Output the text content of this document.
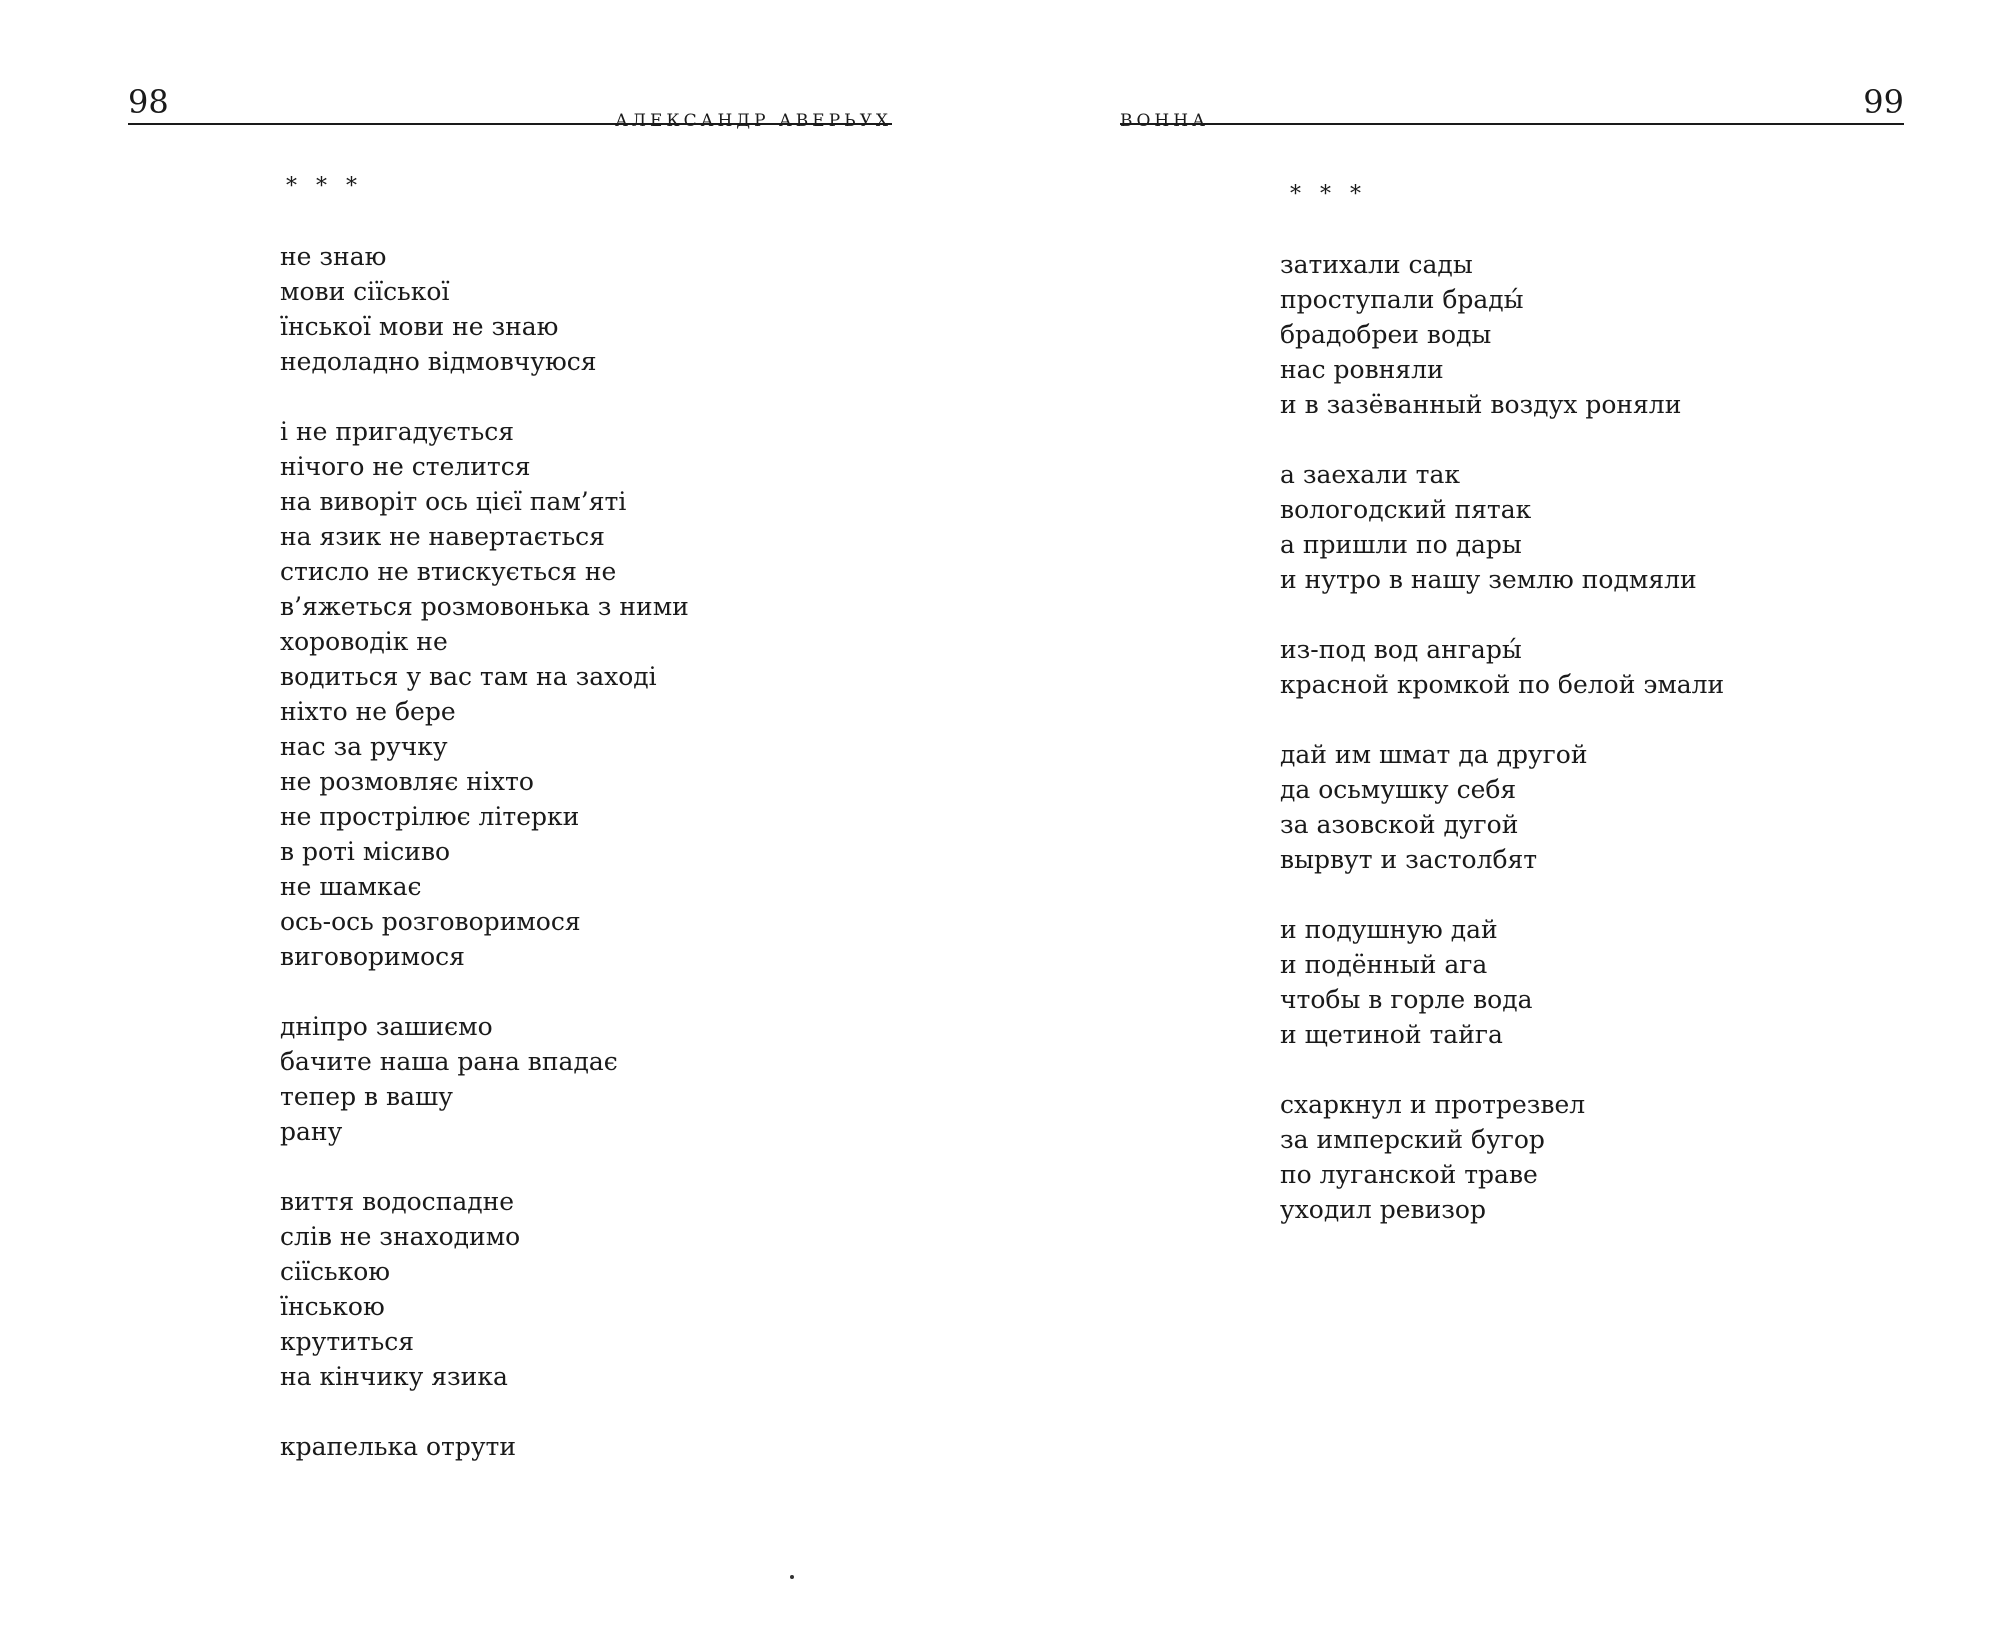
98	АЛЕКСАНДР АВЕРЬУХ
* * *
не знаю
мови сіїської
їнської мови не знаю
недоладно відмовчуюся
і не пригадується
нічого не стелится
на виворіт ось цієї пам’яті
на язик не навертається
стисло не втискується не
в’яжеться розмовонька з ними
хороводік не
водиться у вас там на заході
ніхто не бере
нас за ручку
не розмовляє ніхто
не прострілює літерки
в роті місиво
не шамкає
ось-ось розговоримося
виговоримося
дніпро зашиємо
бачите наша рана впадає
тепер в вашу
рану
виття водоспадне
слів не знаходимо
сіїською
їнською
крутиться
на кінчику язика
крапелька отрути
99
ВОННА
* * *
затихали сады
проступали брады́
брадобреи воды
нас ровняли
и в зазёванный воздух роняли
а заехали так
вологодский пятак
а пришли по дары
и нутро в нашу землю подмяли
из-под вод ангары́
красной кромкой по белой эмали
дай им шмат да другой
да осьмушку себя
за азовской дугой
вырвут и застолбят
и подушную дай
и подённый ага
чтобы в горле вода
и щетиной тайга
схаркнул и протрезвел
за имперский бугор
по луганской траве
уходил ревизор
